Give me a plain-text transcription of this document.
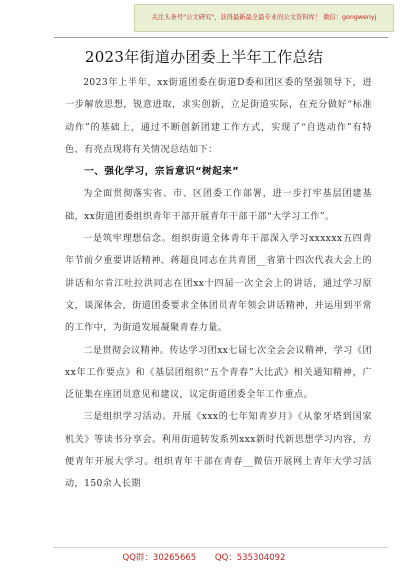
关注头条号"公文研究"，获得最新最全最专业的公文资料库！ 微信：gongwenyj
2023年街道办团委上半年工作总结

2023年上半年，xx街道团委在街道D委和团区委的坚强领导下，进一步解放思想，锐意进取，求实创新，立足街道实际，在充分做好“标准动作”的基础上，通过不断创新团建工作方式，实现了“自选动作”有特色、有亮点现将有关情况总结如下：

一、强化学习，宗旨意识“树起来”

为全面贯彻落实省、市、区团委工作部署，进一步打牢基层团建基础，xx街道团委组织青年干部开展青年干部干部“大学习工作”。

一是筑牢理想信念。组织街道全体青年干部深入学习xxxxxx五四青年节前夕重要讲话精神、蒋超良同志在共青团__省第十四次代表大会上的讲话和尔肯江吐拉洪同志在团xx十四届一次全会上的讲话，通过学习原文，谈深体会，街道团委要求全体团员青年领会讲话精神，并运用到平常的工作中，为街道发展凝聚青春力量。

二是贯彻会议精神。传达学习团xx七届七次全会会议精神，学习《团xx年工作要点》和《基层团组织“五个青春”大比武》相关通知精神，广泛征集在座团员意见和建议，议定街道团委全年工作重点。

三是组织学习活动。开展《xxx的七年知青岁月》《从象牙塔到国家机关》等读书分享会。利用街道转发系列xxx新时代新思想学习内容，方便青年开展大学习。组织青年干部在青春__微信开展网上青年大学习活动，150余人长期

QQ群：30265665 QQ：535304092
